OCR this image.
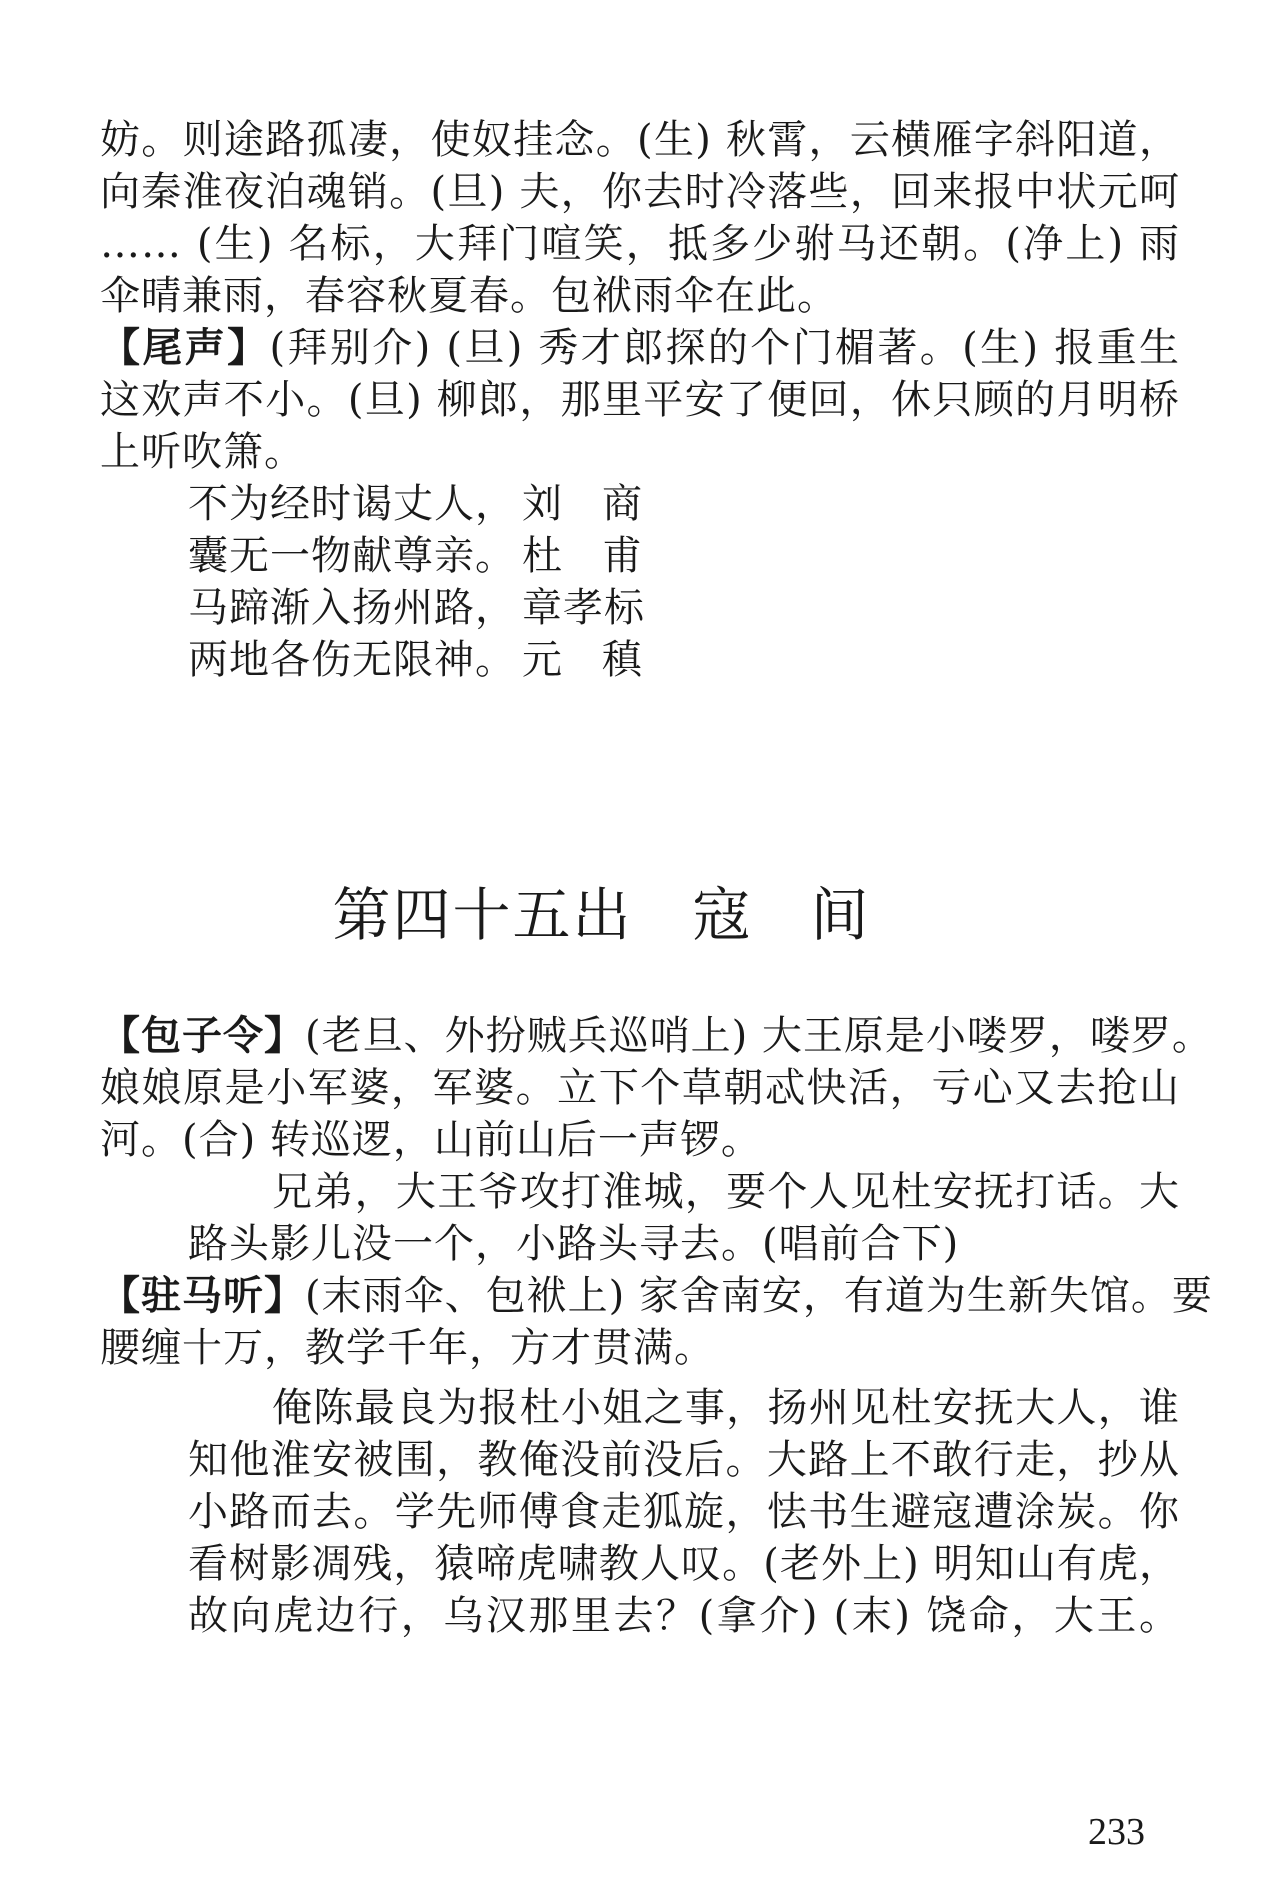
妨。则途路孤凄，使奴挂念。(生) 秋霄，云横雁字斜阳道，
向秦淮夜泊魂销。(旦) 夫，你去时冷落些，回来报中状元呵
…… (生) 名标，大拜门喧笑，抵多少驸马还朝。(净上) 雨
伞晴兼雨，春容秋夏春。包袱雨伞在此。
【尾声】(拜别介) (旦) 秀才郎探的个门楣著。(生) 报重生
这欢声不小。(旦) 柳郎，那里平安了便回，休只顾的月明桥
上听吹箫。
不为经时谒丈人， 刘商
囊无一物献尊亲。 杜甫
马蹄渐入扬州路， 章孝标
两地各伤无限神。 元稹
第四十五出 寇间
【包子令】(老旦、外扮贼兵巡哨上) 大王原是小喽罗，喽罗。
娘娘原是小军婆，军婆。立下个草朝忒快活，亏心又去抢山
河。(合) 转巡逻，山前山后一声锣。
兄弟，大王爷攻打淮城，要个人见杜安抚打话。大
路头影儿没一个，小路头寻去。(唱前合下)
【驻马听】(末雨伞、包袱上) 家舍南安，有道为生新失馆。要
腰缠十万，教学千年，方才贯满。
俺陈最良为报杜小姐之事，扬州见杜安抚大人，谁
知他淮安被围，教俺没前没后。大路上不敢行走，抄从
小路而去。学先师傅食走狐旋，怯书生避寇遭涂炭。你
看树影凋残，猿啼虎啸教人叹。(老外上) 明知山有虎，
故向虎边行，乌汉那里去？(拿介) (末) 饶命，大王。
233
